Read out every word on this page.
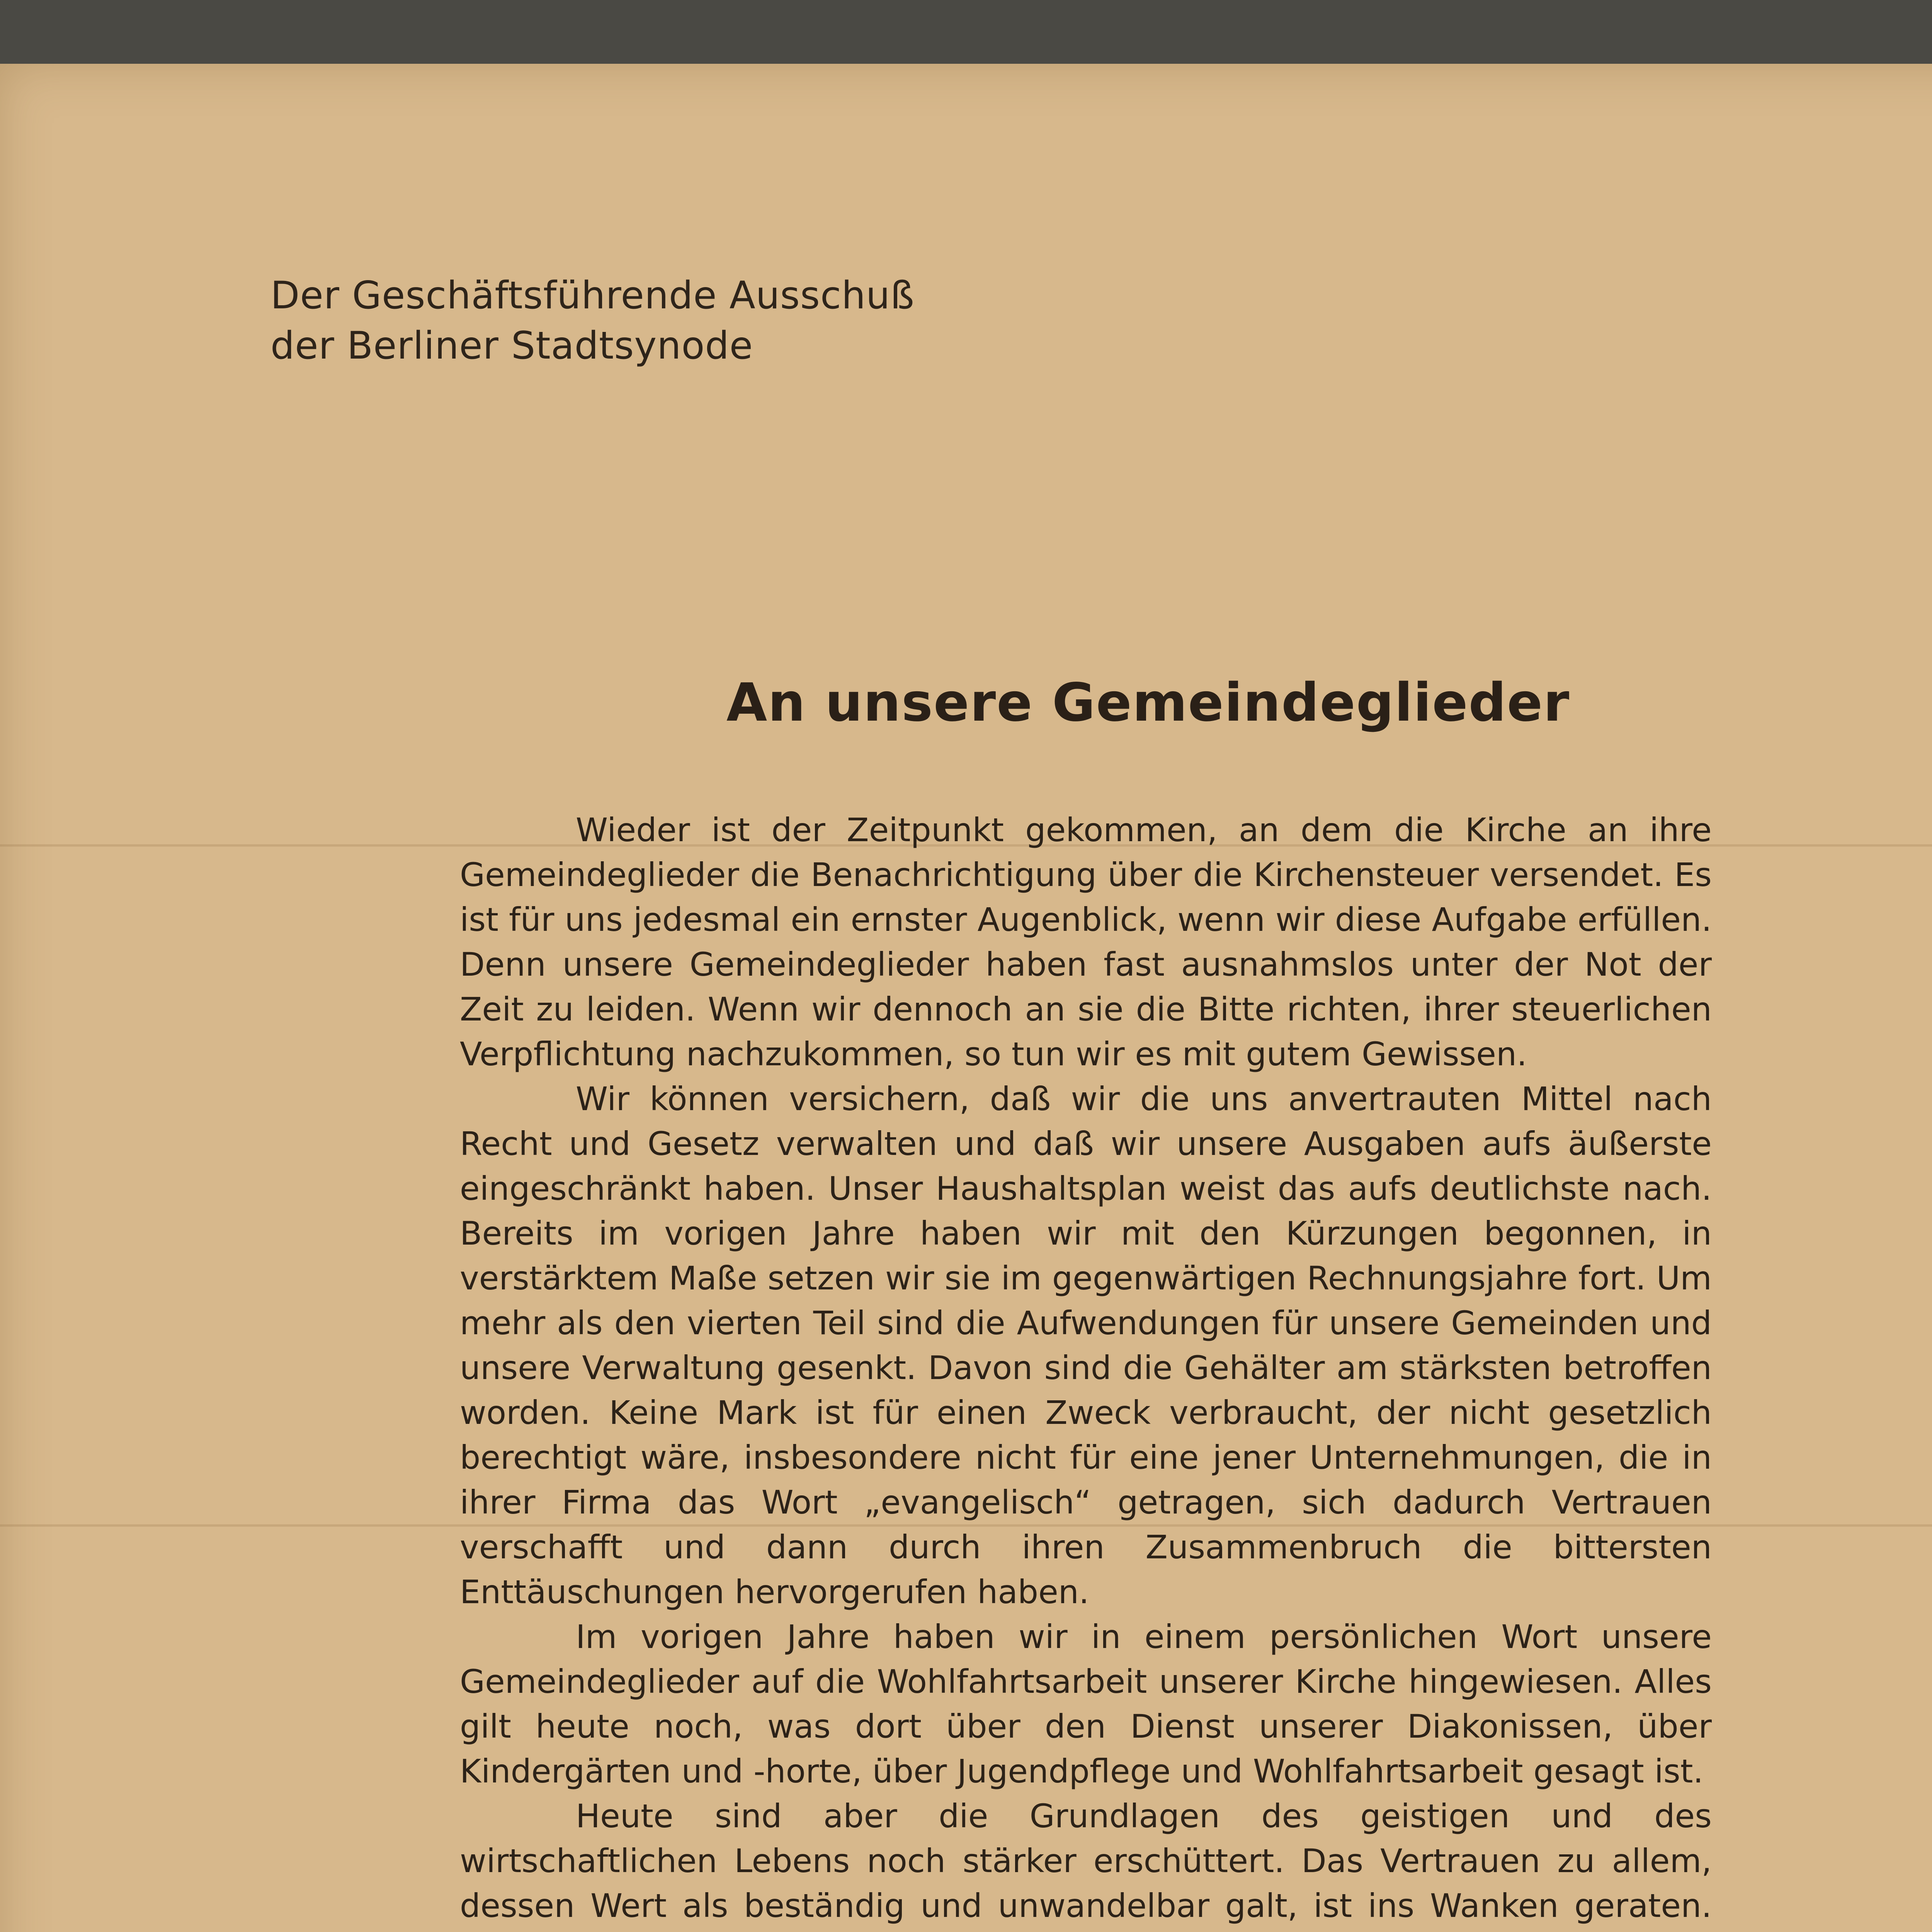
Der Geschäftsführende Ausschuß
der Berliner Stadtsynode
An unsere Gemeindeglieder

Wieder ist der Zeitpunkt gekommen, an dem die Kirche an ihre Gemeindeglieder die Benachrichtigung über die Kirchensteuer versendet. Es ist für uns jedesmal ein ernster Augenblick, wenn wir diese Aufgabe erfüllen. Denn unsere Gemeindeglieder haben fast ausnahmslos unter der Not der Zeit zu leiden. Wenn wir dennoch an sie die Bitte richten, ihrer steuerlichen Verpflichtung nachzukommen, so tun wir es mit gutem Gewissen.

Wir können versichern, daß wir die uns anvertrauten Mittel nach Recht und Gesetz verwalten und daß wir unsere Ausgaben aufs äußerste eingeschränkt haben. Unser Haushaltsplan weist das aufs deutlichste nach. Bereits im vorigen Jahre haben wir mit den Kürzungen begonnen, in verstärktem Maße setzen wir sie im gegenwärtigen Rechnungsjahre fort. Um mehr als den vierten Teil sind die Aufwendungen für unsere Gemeinden und unsere Verwaltung gesenkt. Davon sind die Gehälter am stärksten betroffen worden. Keine Mark ist für einen Zweck verbraucht, der nicht gesetzlich berechtigt wäre, insbesondere nicht für eine jener Unternehmungen, die in ihrer Firma das Wort „evangelisch“ getragen, sich dadurch Vertrauen verschafft und dann durch ihren Zusammenbruch die bittersten Enttäuschungen hervorgerufen haben.

Im vorigen Jahre haben wir in einem persönlichen Wort unsere Gemeindeglieder auf die Wohlfahrtsarbeit unserer Kirche hingewiesen. Alles gilt heute noch, was dort über den Dienst unserer Diakonissen, über Kindergärten und -horte, über Jugendpflege und Wohlfahrtsarbeit gesagt ist.

Heute sind aber die Grundlagen des geistigen und des wirtschaftlichen Lebens noch stärker erschüttert. Das Vertrauen zu allem, dessen Wert als beständig und unwandelbar galt, ist ins Wanken geraten.
